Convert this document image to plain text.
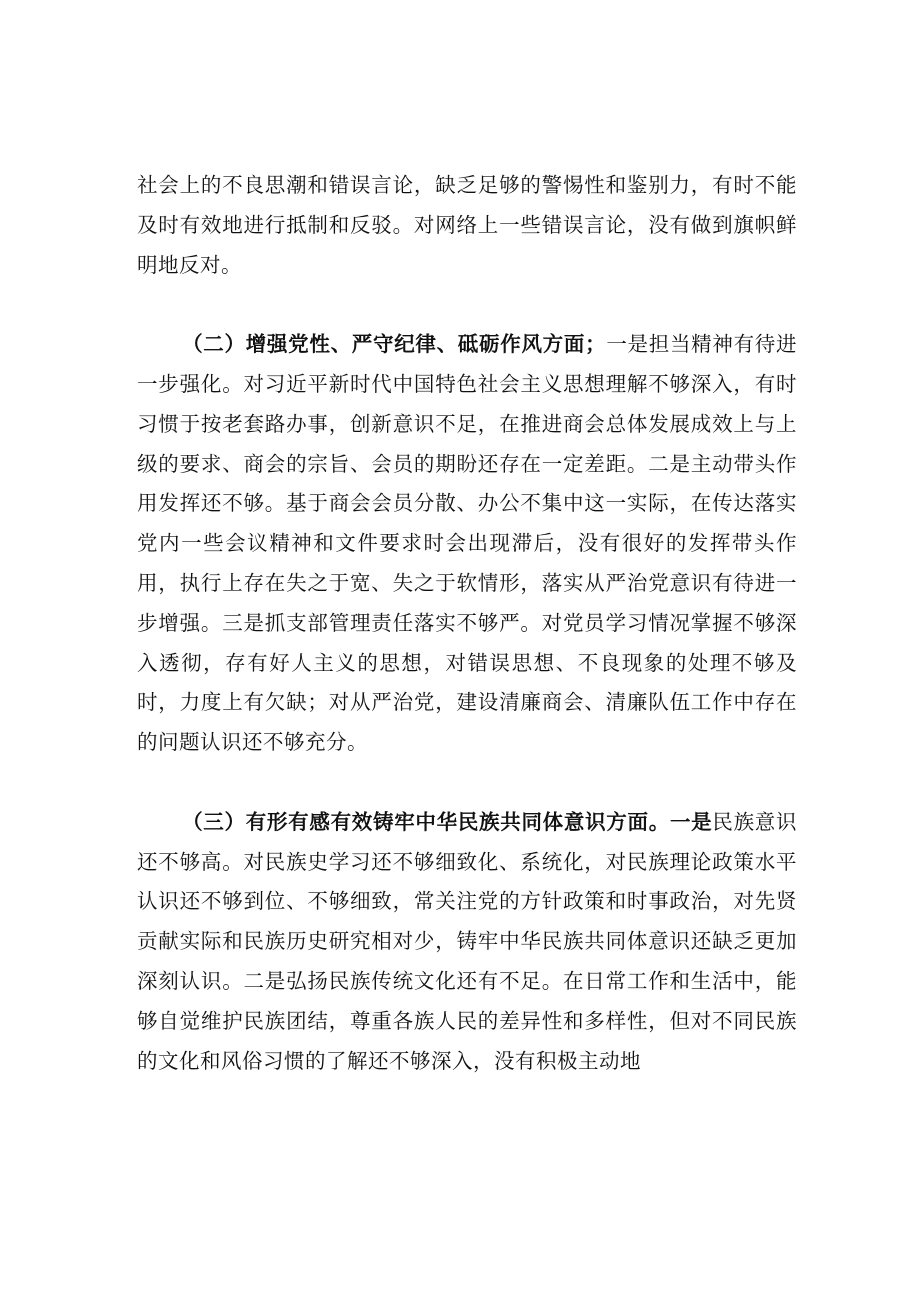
社会上的不良思潮和错误言论，缺乏足够的警惕性和鉴别力，有时不能及时有效地进行抵制和反驳。对网络上一些错误言论，没有做到旗帜鲜明地反对。

（二）增强党性、严守纪律、砥砺作风方面；一是担当精神有待进一步强化。对习近平新时代中国特色社会主义思想理解不够深入，有时习惯于按老套路办事，创新意识不足，在推进商会总体发展成效上与上级的要求、商会的宗旨、会员的期盼还存在一定差距。二是主动带头作用发挥还不够。基于商会会员分散、办公不集中这一实际，在传达落实党内一些会议精神和文件要求时会出现滞后，没有很好的发挥带头作用，执行上存在失之于宽、失之于软情形，落实从严治党意识有待进一步增强。三是抓支部管理责任落实不够严。对党员学习情况掌握不够深入透彻，存有好人主义的思想，对错误思想、不良现象的处理不够及时，力度上有欠缺；对从严治党，建设清廉商会、清廉队伍工作中存在的问题认识还不够充分。

（三）有形有感有效铸牢中华民族共同体意识方面。一是民族意识还不够高。对民族史学习还不够细致化、系统化，对民族理论政策水平认识还不够到位、不够细致，常关注党的方针政策和时事政治，对先贤贡献实际和民族历史研究相对少，铸牢中华民族共同体意识还缺乏更加深刻认识。二是弘扬民族传统文化还有不足。在日常工作和生活中，能够自觉维护民族团结，尊重各族人民的差异性和多样性，但对不同民族的文化和风俗习惯的了解还不够深入，没有积极主动地
